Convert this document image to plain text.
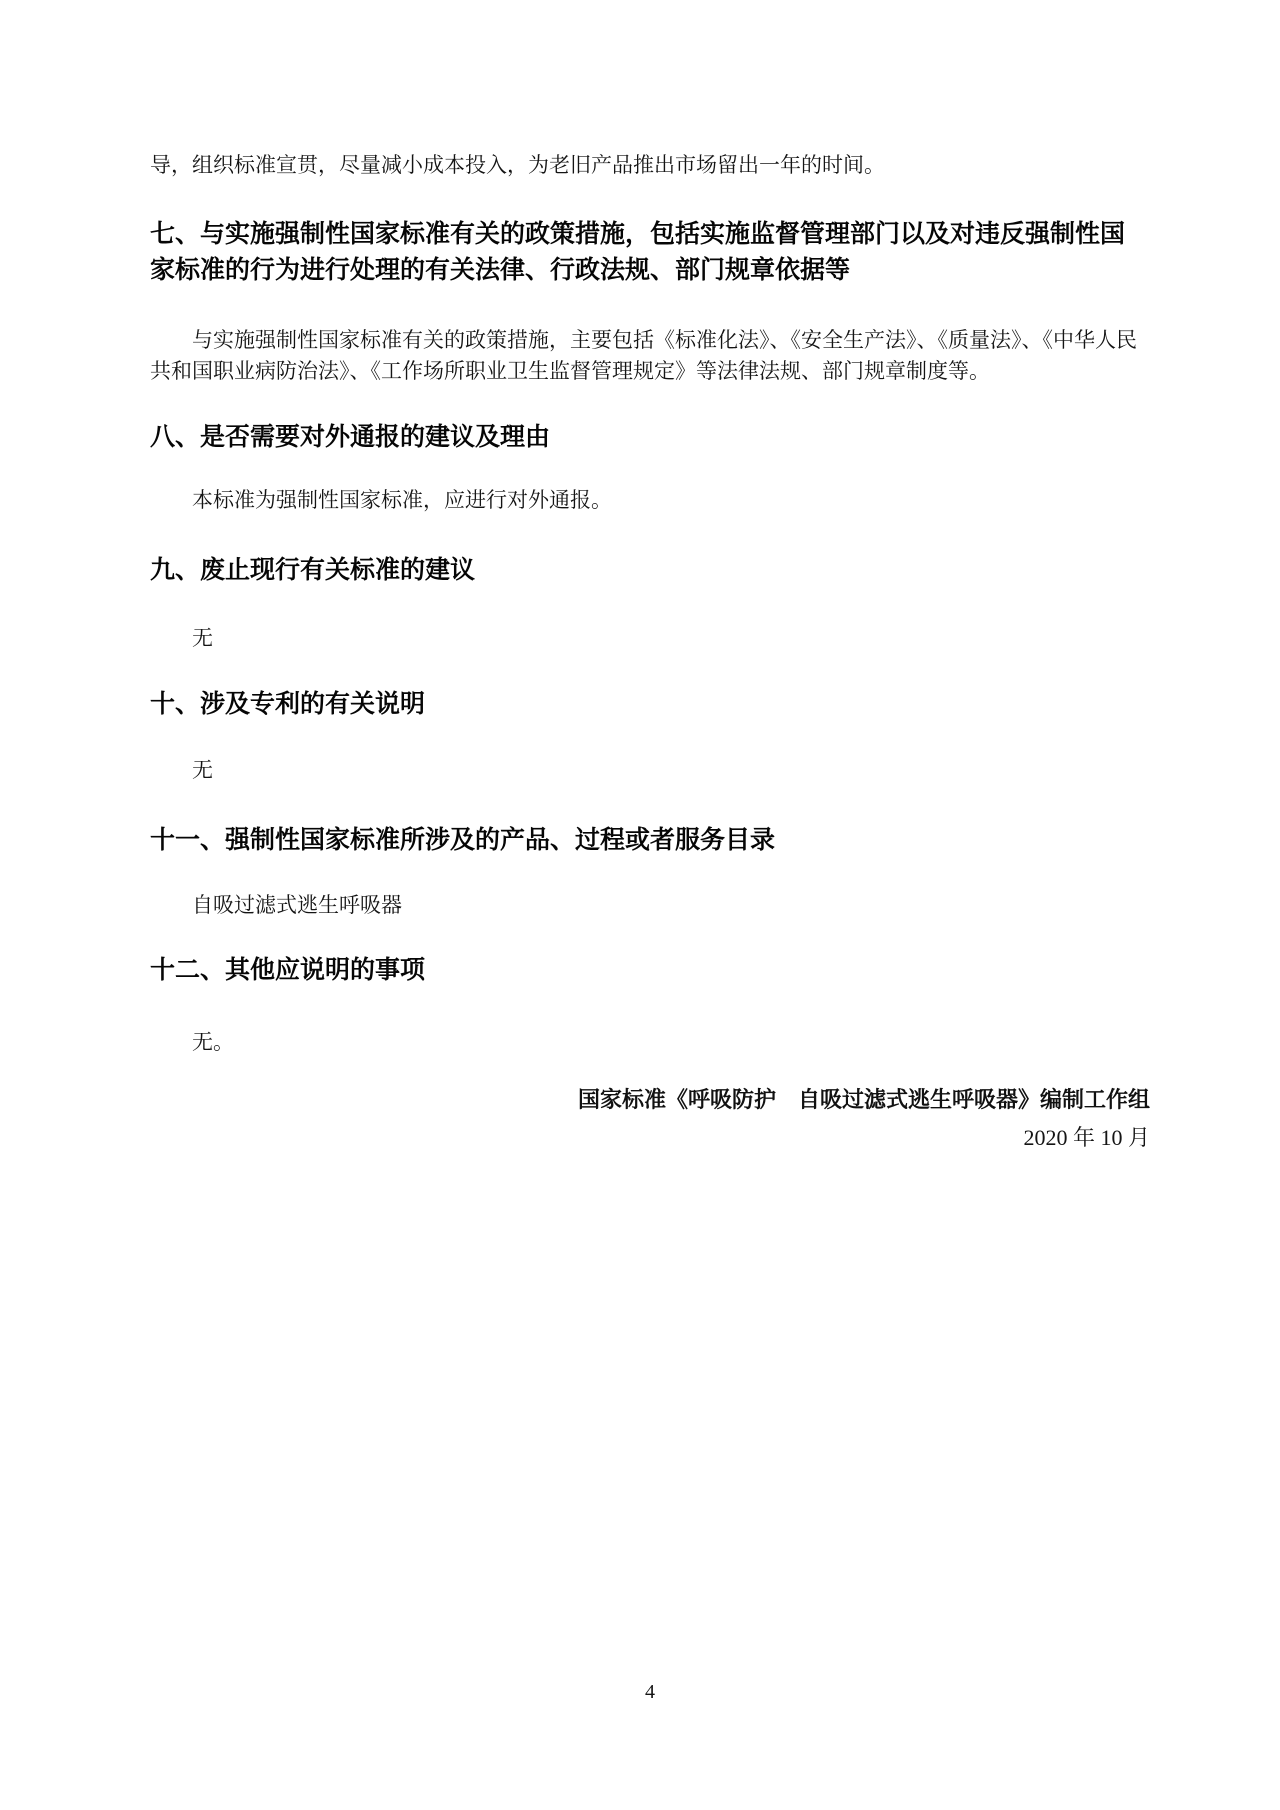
导，组织标准宣贯，尽量减小成本投入，为老旧产品推出市场留出一年的时间。
七、与实施强制性国家标准有关的政策措施，包括实施监督管理部门以及对违反强制性国家标准的行为进行处理的有关法律、行政法规、部门规章依据等
与实施强制性国家标准有关的政策措施，主要包括《标准化法》、《安全生产法》、《质量法》、《中华人民共和国职业病防治法》、《工作场所职业卫生监督管理规定》等法律法规、部门规章制度等。
八、是否需要对外通报的建议及理由
本标准为强制性国家标准，应进行对外通报。
九、废止现行有关标准的建议
无
十、涉及专利的有关说明
无
十一、强制性国家标准所涉及的产品、过程或者服务目录
自吸过滤式逃生呼吸器
十二、其他应说明的事项
无。
国家标准《呼吸防护　自吸过滤式逃生呼吸器》编制工作组
2020 年 10 月
4
